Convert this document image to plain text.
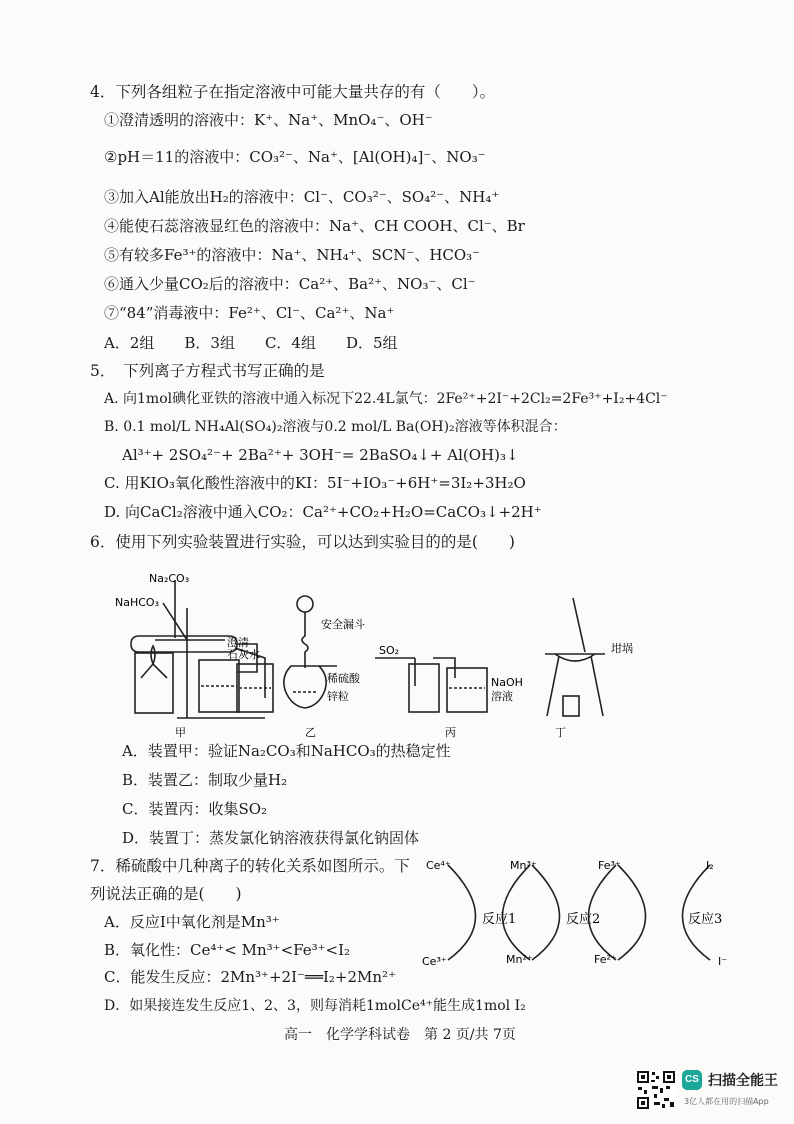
4．下列各组粒子在指定溶液中可能大量共存的有（　　）。
①澄清透明的溶液中：K⁺、Na⁺、MnO₄⁻、OH⁻
②pH＝11的溶液中：CO₃²⁻、Na⁺、[Al(OH)₄]⁻、NO₃⁻
③加入Al能放出H₂的溶液中：Cl⁻、CO₃²⁻、SO₄²⁻、NH₄⁺
④能使石蕊溶液显红色的溶液中：Na⁺、CH COOH、Cl⁻、Br
⑤有较多Fe³⁺的溶液中：Na⁺、NH₄⁺、SCN⁻、HCO₃⁻
⑥通入少量CO₂后的溶液中：Ca²⁺、Ba²⁺、NO₃⁻、Cl⁻
⑦“84”消毒液中：Fe²⁺、Cl⁻、Ca²⁺、Na⁺
A．2组　　B．3组　　C．4组　　D．5组
5．　下列离子方程式书写正确的是
A. 向1mol碘化亚铁的溶液中通入标况下22.4L氯气：2Fe²⁺+2I⁻+2Cl₂=2Fe³⁺+I₂+4Cl⁻
B. 0.1 mol/L NH₄Al(SO₄)₂溶液与0.2 mol/L Ba(OH)₂溶液等体积混合：
Al³⁺+ 2SO₄²⁻+ 2Ba²⁺+ 3OH⁻= 2BaSO₄↓+ Al(OH)₃↓
C. 用KIO₃氧化酸性溶液中的KI：5I⁻+IO₃⁻+6H⁺=3I₂+3H₂O
D. 向CaCl₂溶液中通入CO₂：Ca²⁺+CO₂+H₂O=CaCO₃↓+2H⁺
6．使用下列实验装置进行实验，可以达到实验目的的是(　　)
Na₂CO₃
NaHCO₃
澄清
石灰水
安全漏斗
稀硫酸
锌粒
SO₂
NaOH
溶液
坩埚
甲	乙	丙	丁
A．装置甲：验证Na₂CO₃和NaHCO₃的热稳定性
B．装置乙：制取少量H₂
C．装置丙：收集SO₂
D．装置丁：蒸发氯化钠溶液获得氯化钠固体
7．稀硫酸中几种离子的转化关系如图所示。下
列说法正确的是(　　)
A．反应Ⅰ中氧化剂是Mn³⁺
B．氧化性：Ce⁴⁺< Mn³⁺<Fe³⁺<I₂
C．能发生反应：2Mn³⁺+2I⁻══I₂+2Mn²⁺
D．如果接连发生反应1、2、3，则每消耗1molCe⁴⁺能生成1mol I₂
Ce⁴⁺	Mn³⁺	Fe³⁺	I₂
Ce³⁺	Mn²⁺	Fe²⁺	I⁻
反应1	反应2	反应3
高一　化学学科试卷　第 2 页/共 7页
CS 扫描全能王
3亿人都在用的扫描App
